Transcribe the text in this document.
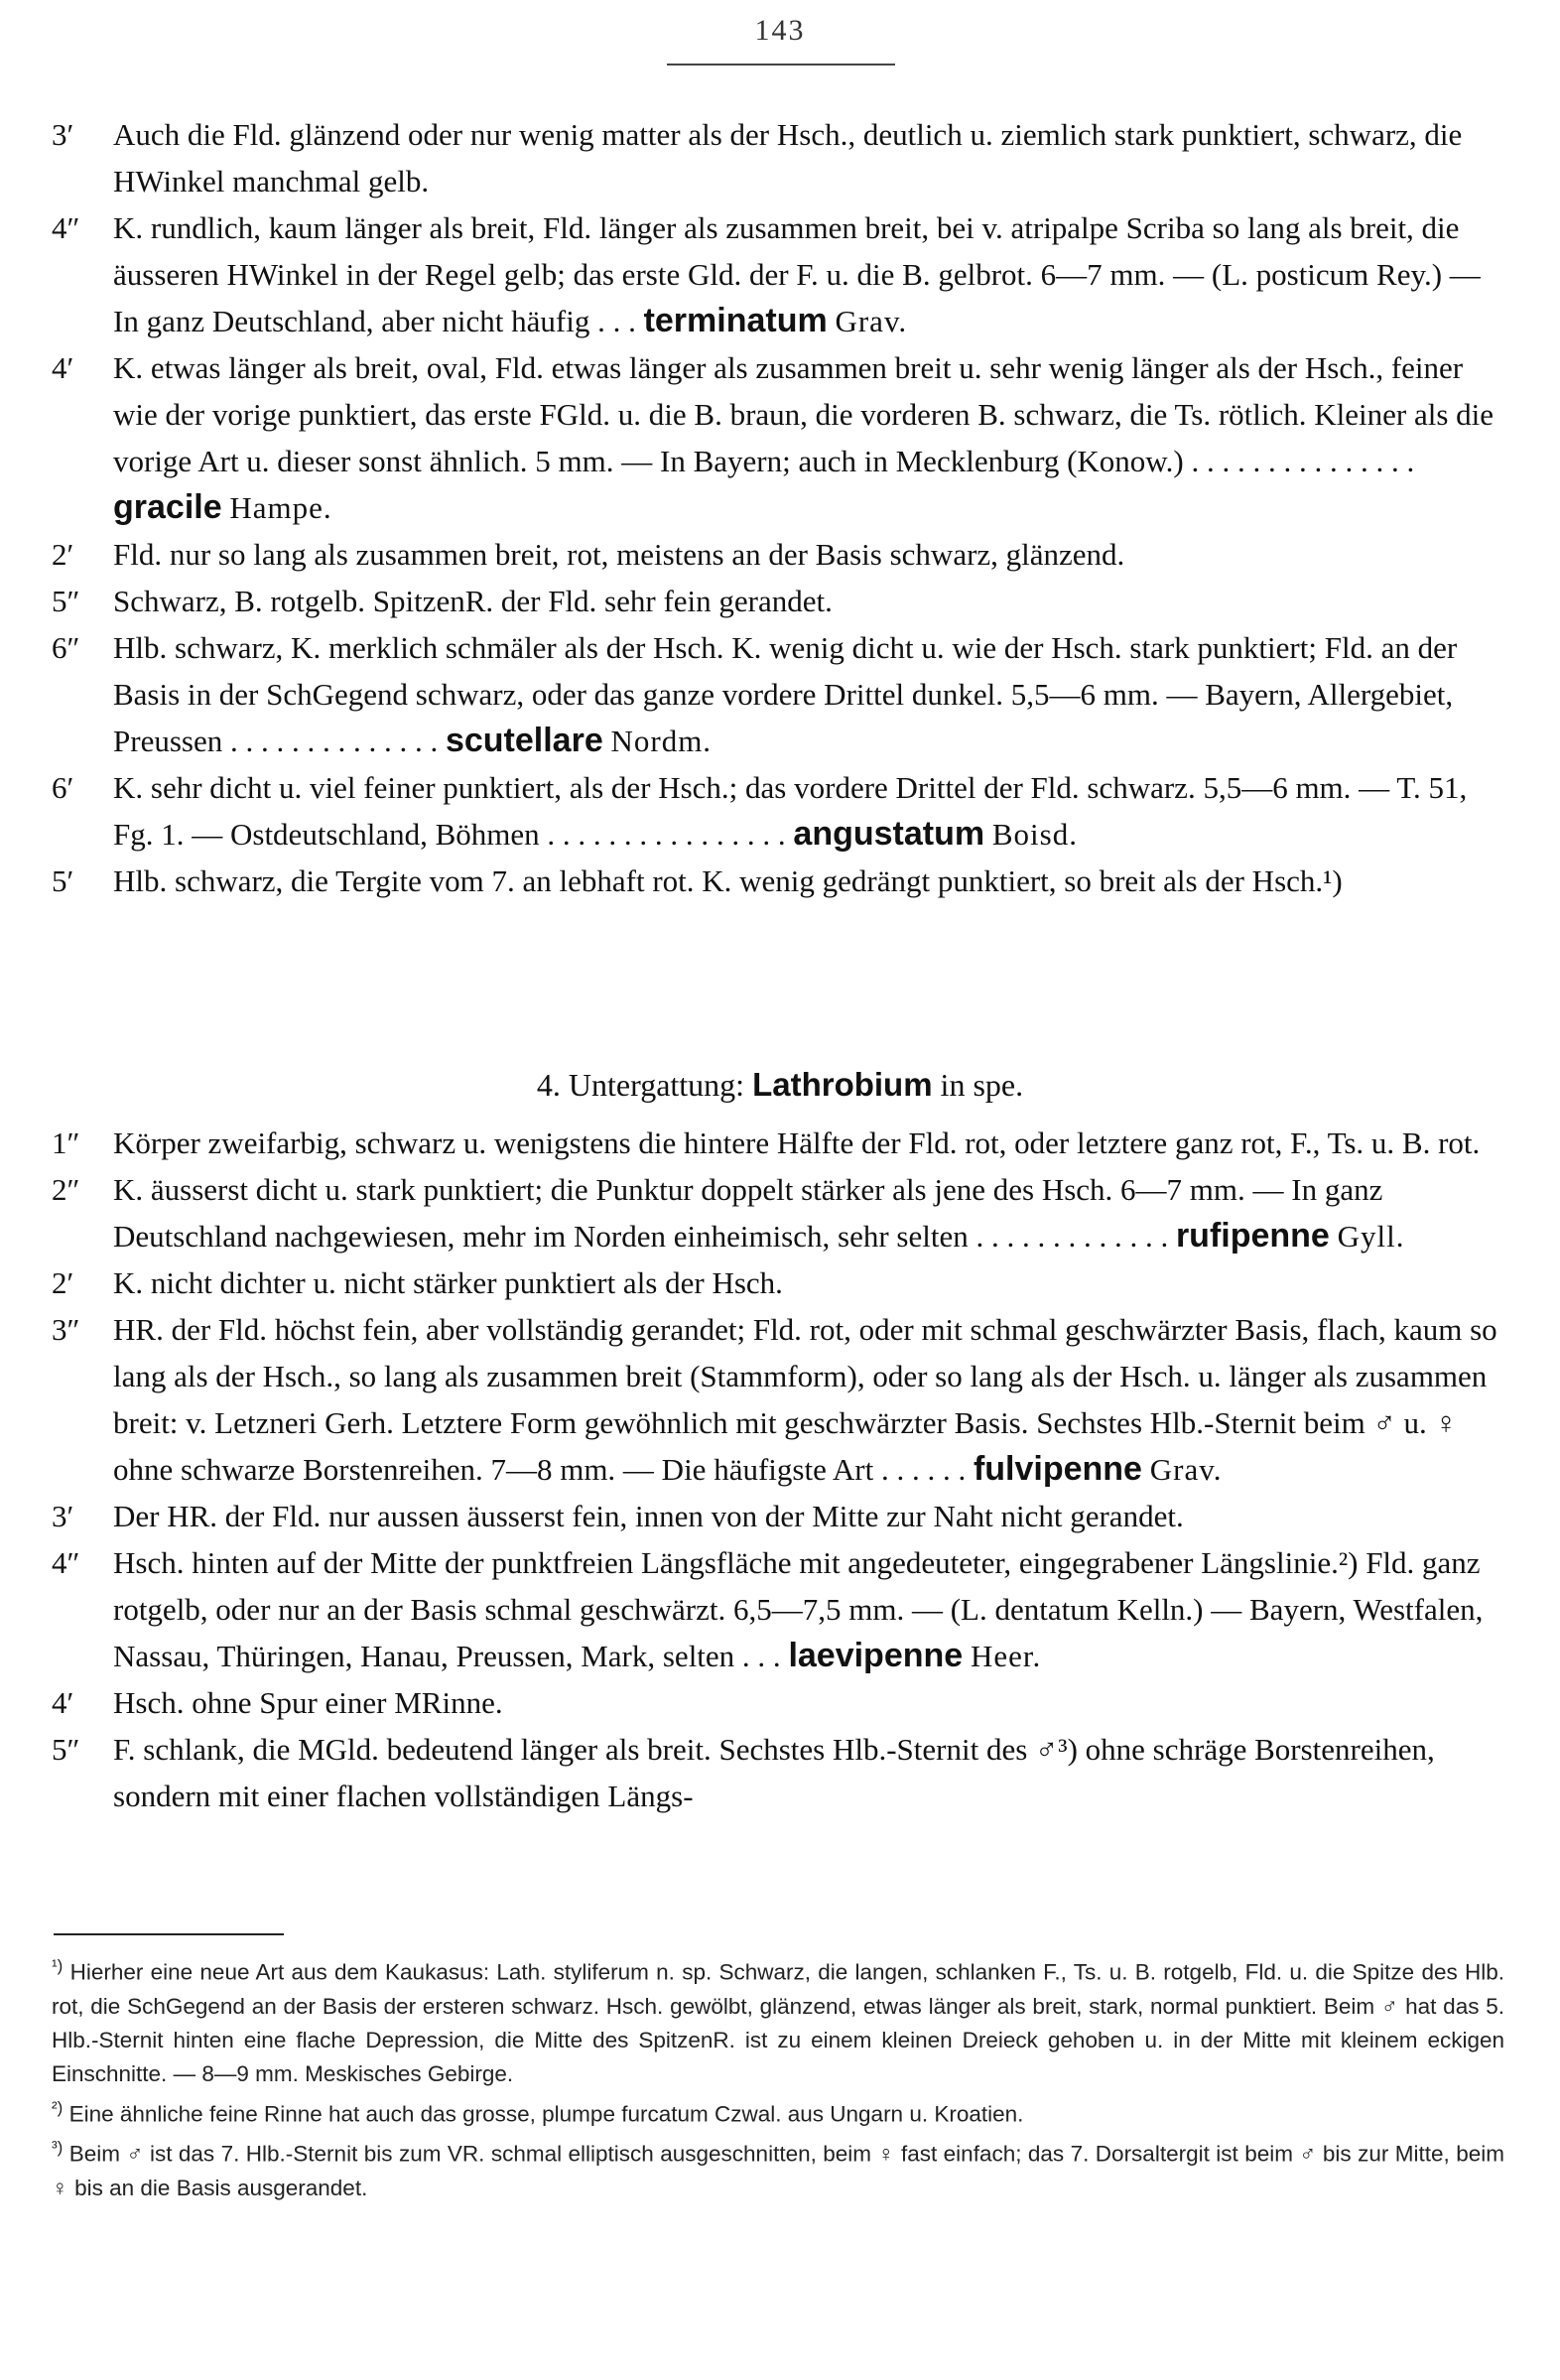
143
3′	Auch die Fld. glänzend oder nur wenig matter als der Hsch., deutlich u. ziemlich stark punktiert, schwarz, die HWinkel manchmal gelb.
4″	K. rundlich, kaum länger als breit, Fld. länger als zusammen breit, bei v. atripalpe Scriba so lang als breit, die äusseren HWinkel in der Regel gelb; das erste Gld. der F. u. die B. gelbrot. 6—7 mm. — (L. posticum Rey.) — In ganz Deutschland, aber nicht häufig . . . terminatum Grav.
4′	K. etwas länger als breit, oval, Fld. etwas länger als zusammen breit u. sehr wenig länger als der Hsch., feiner wie der vorige punktiert, das erste FGld. u. die B. braun, die vorderen B. schwarz, die Ts. rötlich. Kleiner als die vorige Art u. dieser sonst ähnlich. 5 mm. — In Bayern; auch in Mecklenburg (Konow.) . . . . . . . . . . . . . . . gracile Hampe.
2′	Fld. nur so lang als zusammen breit, rot, meistens an der Basis schwarz, glänzend.
5″	Schwarz, B. rotgelb. SpitzenR. der Fld. sehr fein gerandet.
6″	Hlb. schwarz, K. merklich schmäler als der Hsch. K. wenig dicht u. wie der Hsch. stark punktiert; Fld. an der Basis in der SchGegend schwarz, oder das ganze vordere Drittel dunkel. 5,5—6 mm. — Bayern, Allergebiet, Preussen . . . . . . . . . . . . . . scutellare Nordm.
6′	K. sehr dicht u. viel feiner punktiert, als der Hsch.; das vordere Drittel der Fld. schwarz. 5,5—6 mm. — T. 51, Fg. 1. — Ostdeutschland, Böhmen . . . . . . . . . . . . . . . . angustatum Boisd.
5′	Hlb. schwarz, die Tergite vom 7. an lebhaft rot. K. wenig gedrängt punktiert, so breit als der Hsch.¹)
4. Untergattung: Lathrobium in spe.
1″	Körper zweifarbig, schwarz u. wenigstens die hintere Hälfte der Fld. rot, oder letztere ganz rot, F., Ts. u. B. rot.
2″	K. äusserst dicht u. stark punktiert; die Punktur doppelt stärker als jene des Hsch. 6—7 mm. — In ganz Deutschland nachgewiesen, mehr im Norden einheimisch, sehr selten . . . . . . . . . . . . . rufipenne Gyll.
2′	K. nicht dichter u. nicht stärker punktiert als der Hsch.
3″	HR. der Fld. höchst fein, aber vollständig gerandet; Fld. rot, oder mit schmal geschwärzter Basis, flach, kaum so lang als der Hsch., so lang als zusammen breit (Stammform), oder so lang als der Hsch. u. länger als zusammen breit: v. Letzneri Gerh. Letztere Form gewöhnlich mit geschwärzter Basis. Sechstes Hlb.-Sternit beim ♂ u. ♀ ohne schwarze Borstenreihen. 7—8 mm. — Die häufigste Art . . . . . . fulvipenne Grav.
3′	Der HR. der Fld. nur aussen äusserst fein, innen von der Mitte zur Naht nicht gerandet.
4″	Hsch. hinten auf der Mitte der punktfreien Längsfläche mit angedeuteter, eingegrabener Längslinie.²) Fld. ganz rotgelb, oder nur an der Basis schmal geschwärzt. 6,5—7,5 mm. — (L. dentatum Kelln.) — Bayern, Westfalen, Nassau, Thüringen, Hanau, Preussen, Mark, selten . . . laevipenne Heer.
4′	Hsch. ohne Spur einer MRinne.
5″	F. schlank, die MGld. bedeutend länger als breit. Sechstes Hlb.-Sternit des ♂³) ohne schräge Borstenreihen, sondern mit einer flachen vollständigen Längs-

$^{^1)}$ Hierher eine neue Art aus dem Kaukasus: Lath. styliferum n. sp. Schwarz, die langen, schlanken F., Ts. u. B. rotgelb, Fld. u. die Spitze des Hlb. rot, die SchGegend an der Basis der ersteren schwarz. Hsch. gewölbt, glänzend, etwas länger als breit, stark, normal punktiert. Beim ♂ hat das 5. Hlb.-Sternit hinten eine flache Depression, die Mitte des SpitzenR. ist zu einem kleinen Dreieck gehoben u. in der Mitte mit kleinem eckigen Einschnitte. — 8—9 mm. Meskisches Gebirge.

$^{^2)}$ Eine ähnliche feine Rinne hat auch das grosse, plumpe furcatum Czwal. aus Ungarn u. Kroatien.

$^{^3)}$ Beim ♂ ist das 7. Hlb.-Sternit bis zum VR. schmal elliptisch ausgeschnitten, beim ♀ fast einfach; das 7. Dorsaltergit ist beim ♂ bis zur Mitte, beim ♀ bis an die Basis ausgerandet.
